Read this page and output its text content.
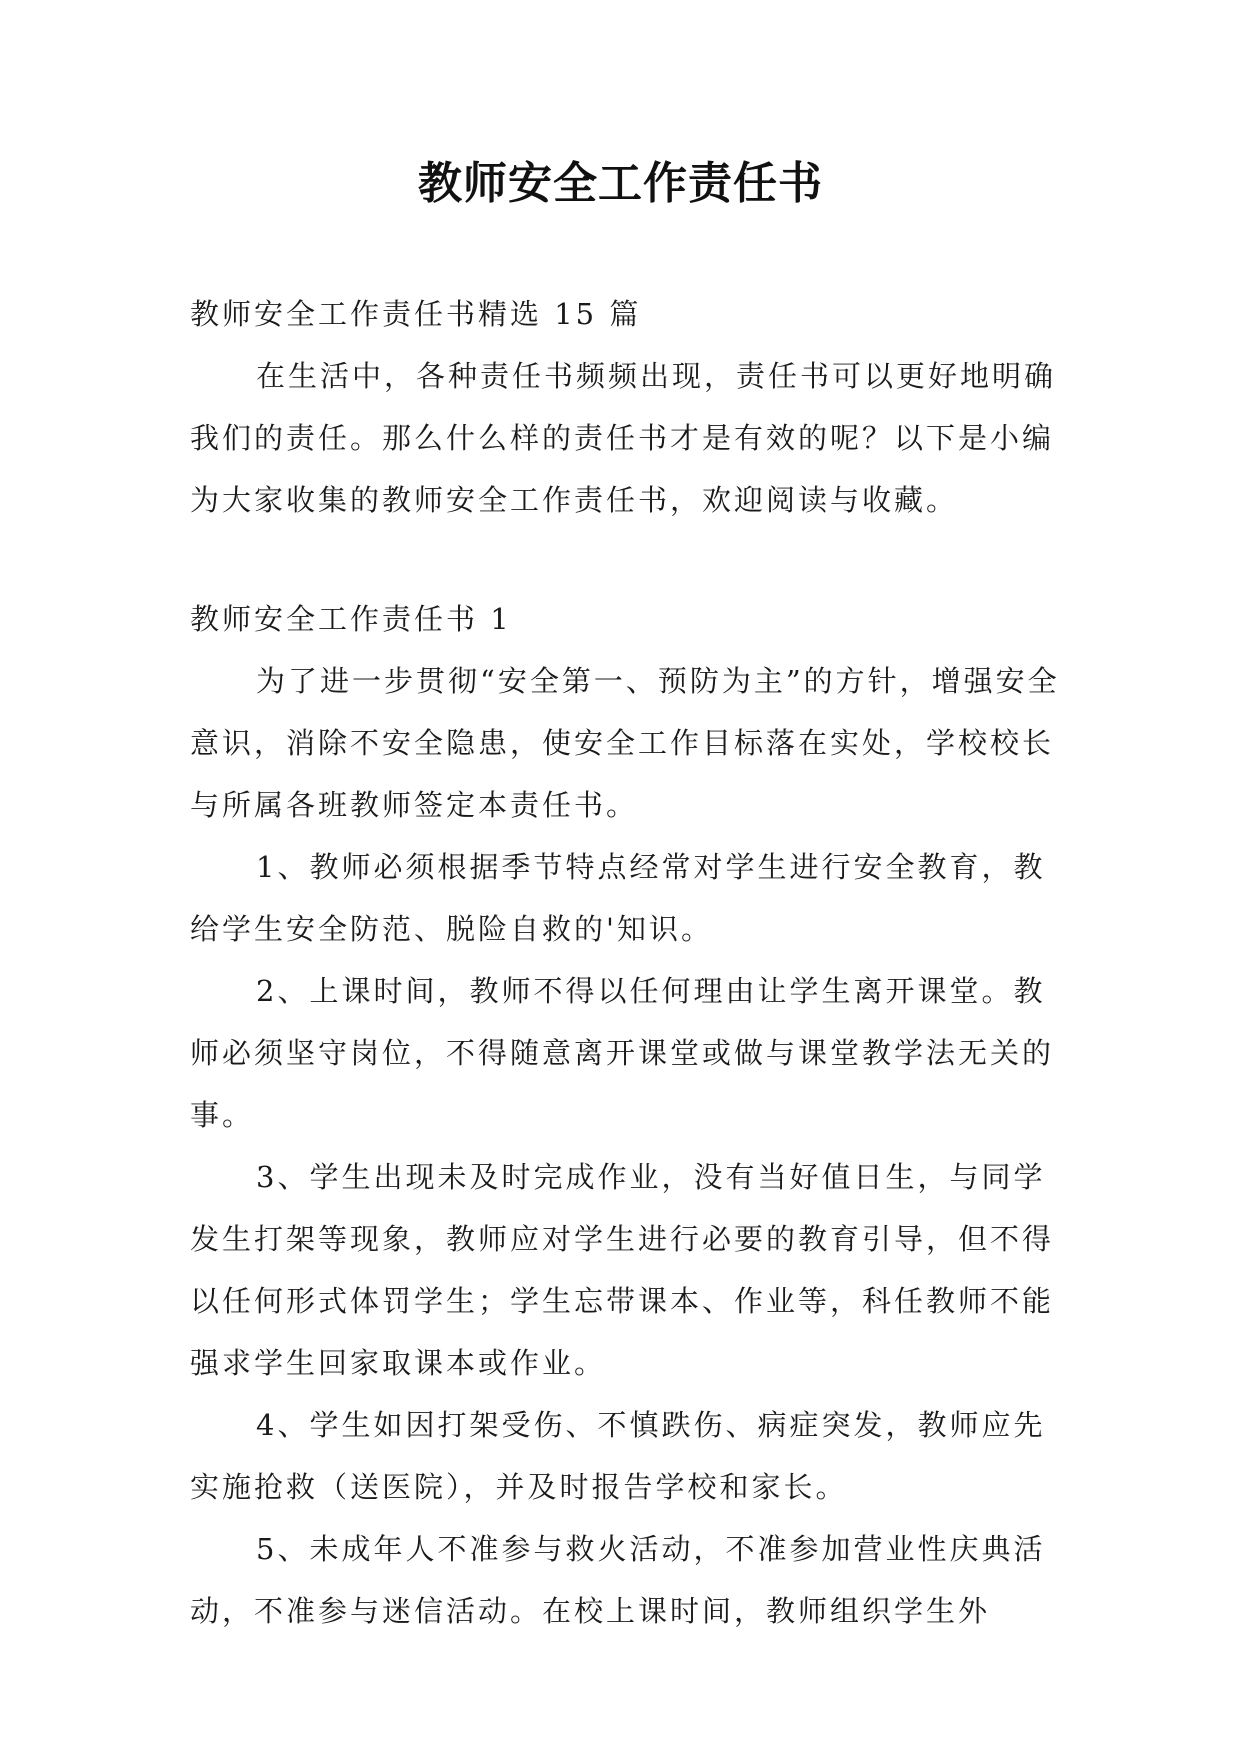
教师安全工作责任书

教师安全工作责任书精选 15 篇

在生活中，各种责任书频频出现，责任书可以更好地明确我们的责任。那么什么样的责任书才是有效的呢？以下是小编为大家收集的教师安全工作责任书，欢迎阅读与收藏。

教师安全工作责任书 1

为了进一步贯彻“安全第一、预防为主”的方针，增强安全意识，消除不安全隐患，使安全工作目标落在实处，学校校长与所属各班教师签定本责任书。

1、教师必须根据季节特点经常对学生进行安全教育，教给学生安全防范、脱险自救的'知识。

2、上课时间，教师不得以任何理由让学生离开课堂。教师必须坚守岗位，不得随意离开课堂或做与课堂教学法无关的事。

3、学生出现未及时完成作业，没有当好值日生，与同学发生打架等现象，教师应对学生进行必要的教育引导，但不得以任何形式体罚学生；学生忘带课本、作业等，科任教师不能强求学生回家取课本或作业。

4、学生如因打架受伤、不慎跌伤、病症突发，教师应先实施抢救（送医院），并及时报告学校和家长。

5、未成年人不准参与救火活动，不准参加营业性庆典活动，不准参与迷信活动。在校上课时间，教师组织学生外
